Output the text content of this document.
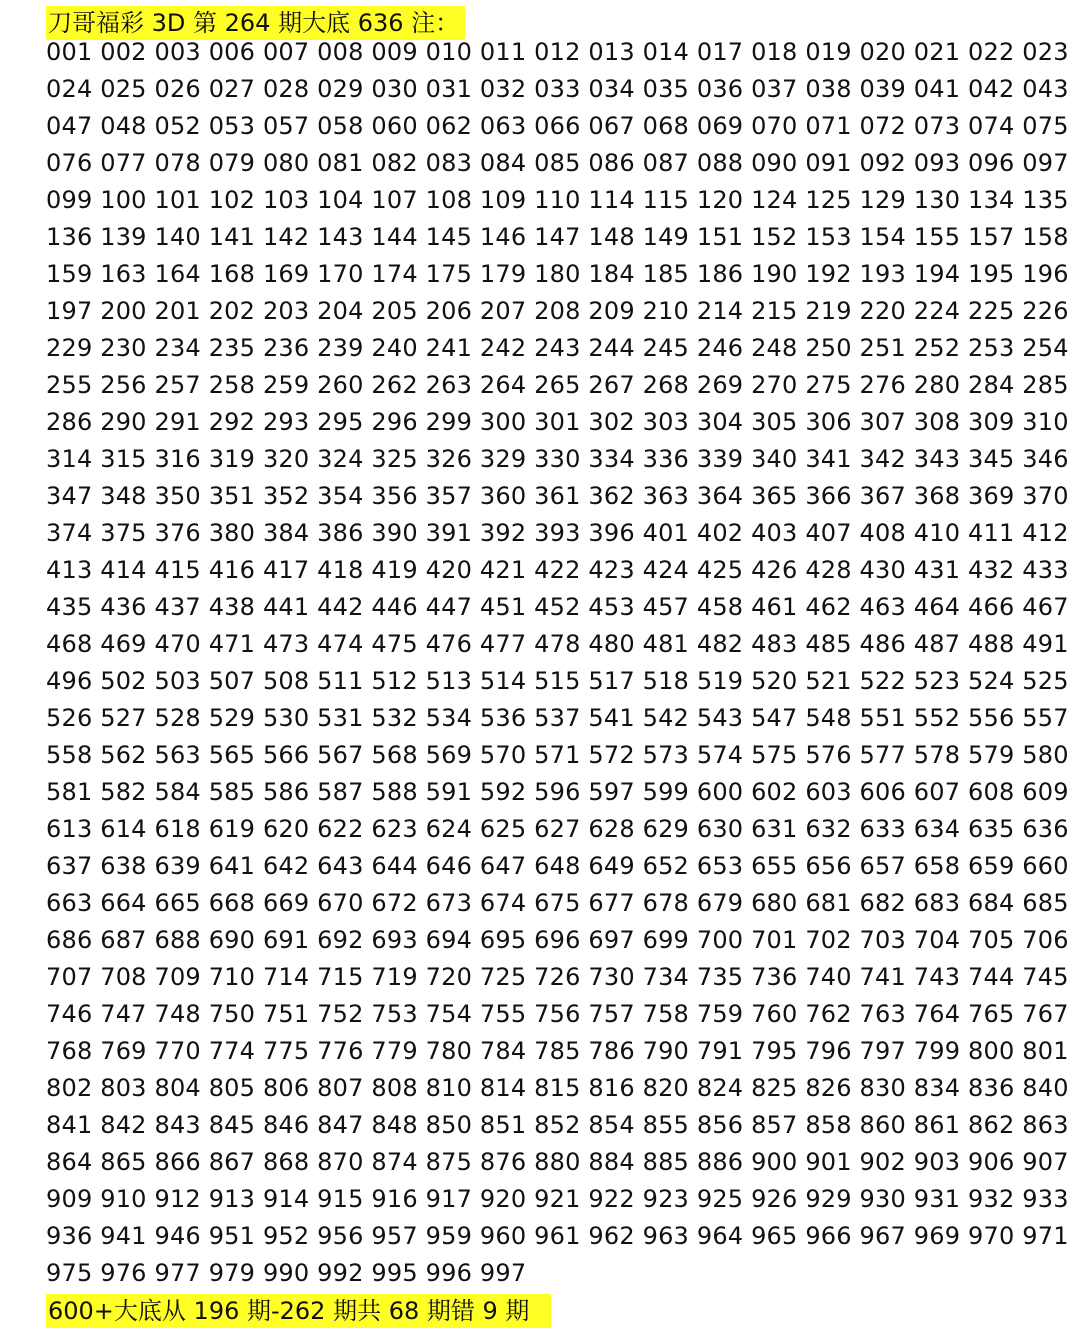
刀哥福彩 3D 第 264 期大底 636 注：
001 002 003 006 007 008 009 010 011 012 013 014 017 018 019 020 021 022 023
024 025 026 027 028 029 030 031 032 033 034 035 036 037 038 039 041 042 043
047 048 052 053 057 058 060 062 063 066 067 068 069 070 071 072 073 074 075
076 077 078 079 080 081 082 083 084 085 086 087 088 090 091 092 093 096 097
099 100 101 102 103 104 107 108 109 110 114 115 120 124 125 129 130 134 135
136 139 140 141 142 143 144 145 146 147 148 149 151 152 153 154 155 157 158
159 163 164 168 169 170 174 175 179 180 184 185 186 190 192 193 194 195 196
197 200 201 202 203 204 205 206 207 208 209 210 214 215 219 220 224 225 226
229 230 234 235 236 239 240 241 242 243 244 245 246 248 250 251 252 253 254
255 256 257 258 259 260 262 263 264 265 267 268 269 270 275 276 280 284 285
286 290 291 292 293 295 296 299 300 301 302 303 304 305 306 307 308 309 310
314 315 316 319 320 324 325 326 329 330 334 336 339 340 341 342 343 345 346
347 348 350 351 352 354 356 357 360 361 362 363 364 365 366 367 368 369 370
374 375 376 380 384 386 390 391 392 393 396 401 402 403 407 408 410 411 412
413 414 415 416 417 418 419 420 421 422 423 424 425 426 428 430 431 432 433
435 436 437 438 441 442 446 447 451 452 453 457 458 461 462 463 464 466 467
468 469 470 471 473 474 475 476 477 478 480 481 482 483 485 486 487 488 491
496 502 503 507 508 511 512 513 514 515 517 518 519 520 521 522 523 524 525
526 527 528 529 530 531 532 534 536 537 541 542 543 547 548 551 552 556 557
558 562 563 565 566 567 568 569 570 571 572 573 574 575 576 577 578 579 580
581 582 584 585 586 587 588 591 592 596 597 599 600 602 603 606 607 608 609
613 614 618 619 620 622 623 624 625 627 628 629 630 631 632 633 634 635 636
637 638 639 641 642 643 644 646 647 648 649 652 653 655 656 657 658 659 660
663 664 665 668 669 670 672 673 674 675 677 678 679 680 681 682 683 684 685
686 687 688 690 691 692 693 694 695 696 697 699 700 701 702 703 704 705 706
707 708 709 710 714 715 719 720 725 726 730 734 735 736 740 741 743 744 745
746 747 748 750 751 752 753 754 755 756 757 758 759 760 762 763 764 765 767
768 769 770 774 775 776 779 780 784 785 786 790 791 795 796 797 799 800 801
802 803 804 805 806 807 808 810 814 815 816 820 824 825 826 830 834 836 840
841 842 843 845 846 847 848 850 851 852 854 855 856 857 858 860 861 862 863
864 865 866 867 868 870 874 875 876 880 884 885 886 900 901 902 903 906 907
909 910 912 913 914 915 916 917 920 921 922 923 925 926 929 930 931 932 933
936 941 946 951 952 956 957 959 960 961 962 963 964 965 966 967 969 970 971
975 976 977 979 990 992 995 996 997
600+大底从 196 期-262 期共 68 期错 9 期
